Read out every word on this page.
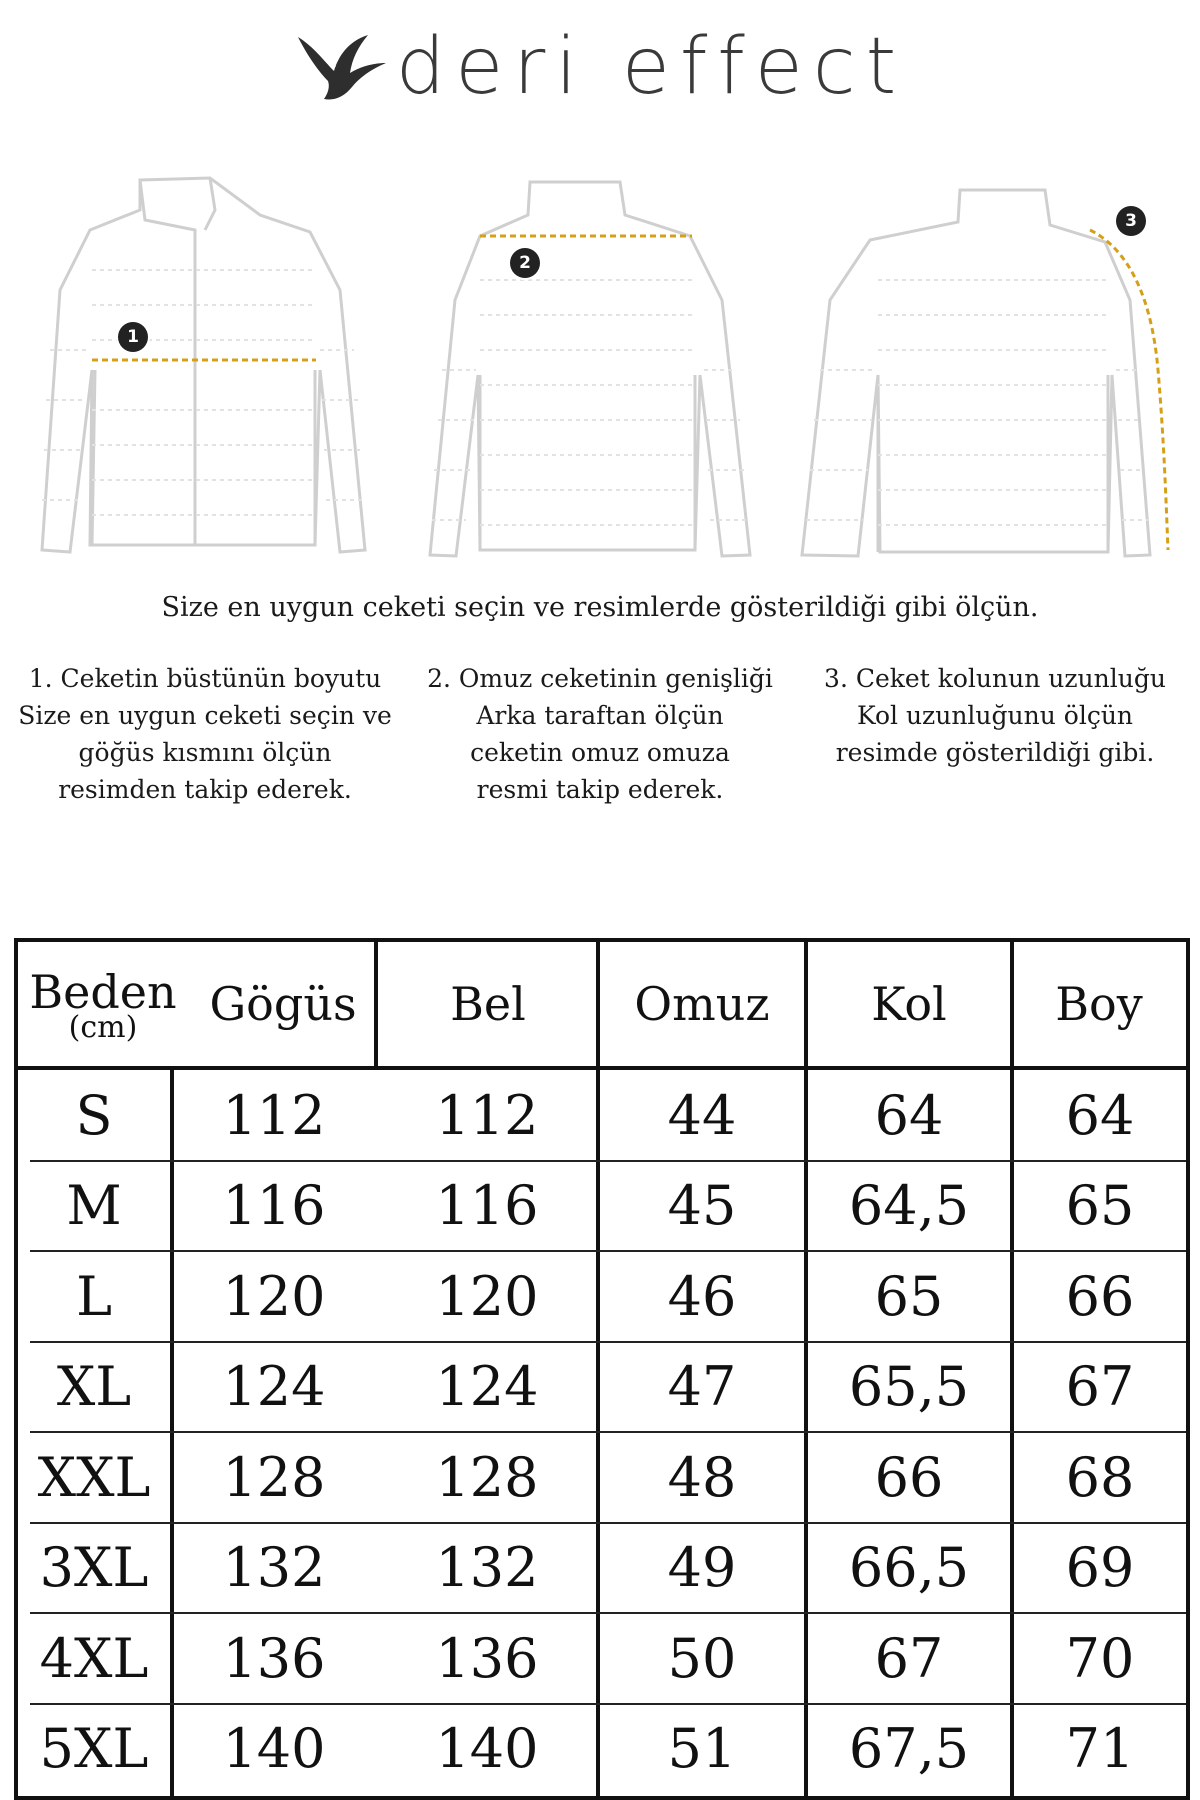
deri effect
1
2
3
Size en uygun ceketi seçin ve resimlerde gösterildiği gibi ölçün.
1. Ceketin büstünün boyutu
Size en uygun ceketi seçin ve
göğüs kısmını ölçün
resimden takip ederek.
2. Omuz ceketinin genişliği
Arka taraftan ölçün
ceketin omuz omuza
resmi takip ederek.
3. Ceket kolunun uzunluğu
Kol uzunluğunu ölçün
resimde gösterildiği gibi.
Beden
(cm) Gögüs Bel Omuz Kol Boy
S	112	112	44	64	64
M	116	116	45	64,5	65
L	120	120	46	65	66
XL	124	124	47	65,5	67
XXL	128	128	48	66	68
3XL	132	132	49	66,5	69
4XL	136	136	50	67	70
5XL	140	140	51	67,5	71
